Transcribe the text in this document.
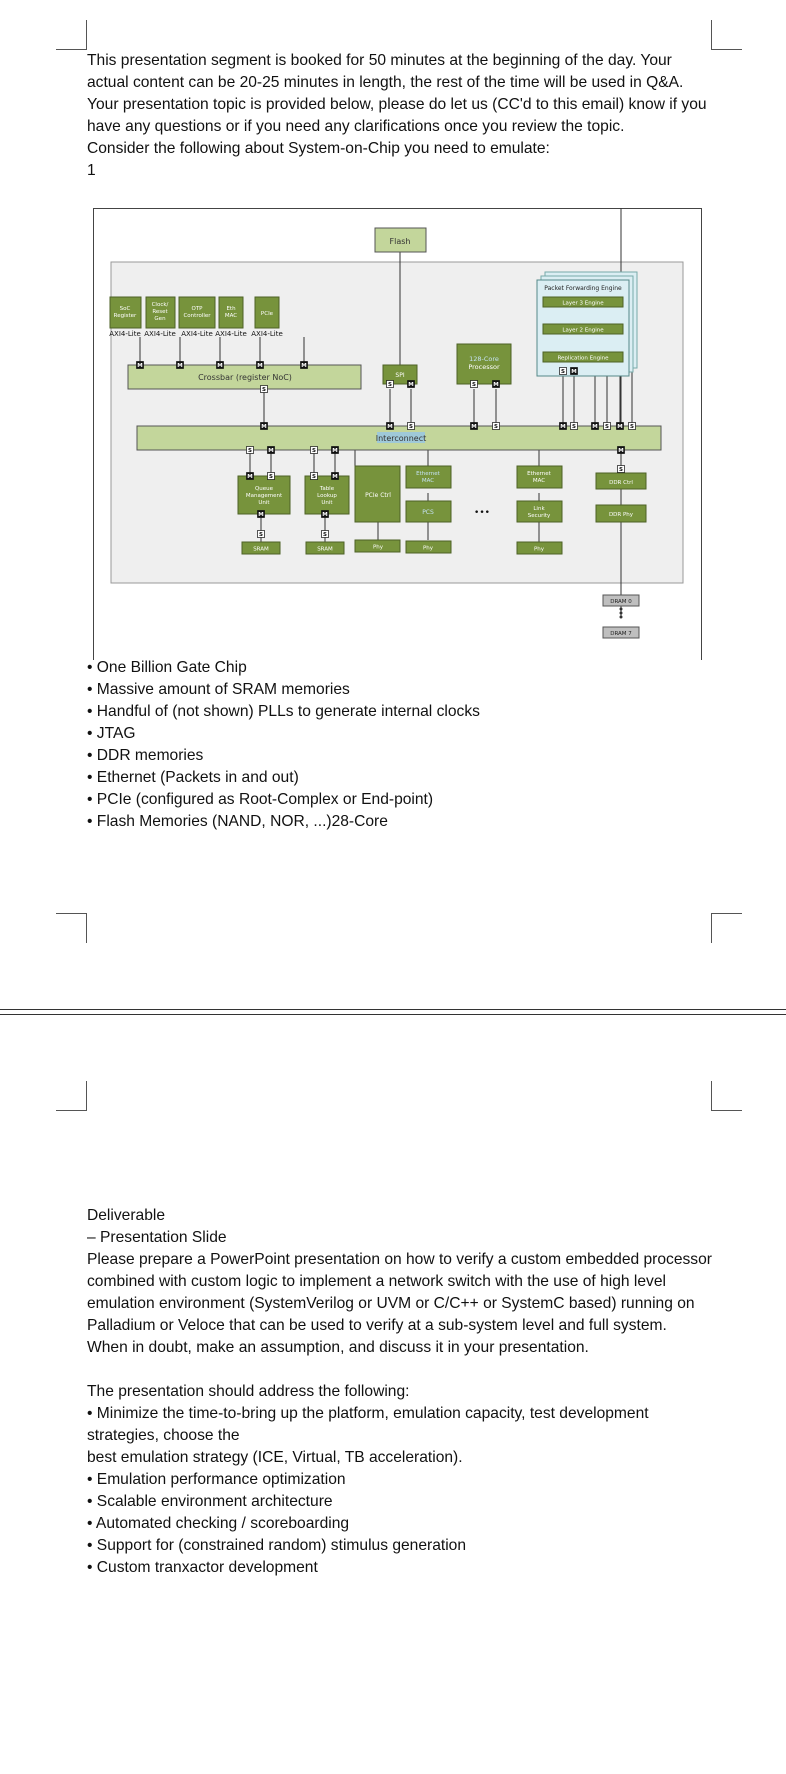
This presentation segment is booked for 50 minutes at the beginning of the day. Your actual content can be 20-25 minutes in length, the rest of the time will be used in Q&A. Your presentation topic is provided below, please do let us (CC'd to this email) know if you have any questions or if you need any clarifications once you review the topic.

Consider the following about System-on-Chip you need to emulate:

1

Flash
SoC Register
Clock/ Reset Gen
OTP Controller
Eth MAC	PCIe
AXI4-Lite AXI4-Lite AXI4-Lite AXI4-Lite AXI4-Lite
Crossbar (register NoC)	SPI
128-Core Processor
Packet Forwarding Engine
Layer 3 Engine
Layer 2 Engine
Replication Engine
Interconnect
Queue Management Unit
Table Lookup Unit
PCIe Ctrl
Ethernet MAC
PCS	•••
Ethernet MAC
Link Security
DDR Ctrl
DDR Phy
SRAM	SRAM	Phy	Phy	Phy
DRAM 0
DRAM 7
M	M	M	M	M
S
M
S	M	S	M
M	S	M	S
S M
M S	M S M S
S	M	S	M
M	S	S	M
M
S
M
S
M
S

• One Billion Gate Chip

• Massive amount of SRAM memories

• Handful of (not shown) PLLs to generate internal clocks

• JTAG

• DDR memories

• Ethernet (Packets in and out)

• PCIe (configured as Root-Complex or End-point)

• Flash Memories (NAND, NOR, ...)28-Core

Deliverable

– Presentation Slide

Please prepare a PowerPoint presentation on how to verify a custom embedded processor combined with custom logic to implement a network switch with the use of high level emulation environment (SystemVerilog or UVM or C/C++ or SystemC based) running on Palladium or Veloce that can be used to verify at a sub-system level and full system.

When in doubt, make an assumption, and discuss it in your presentation.

The presentation should address the following:

• Minimize the time-to-bring up the platform, emulation capacity, test development strategies, choose the

best emulation strategy (ICE, Virtual, TB acceleration).

• Emulation performance optimization

• Scalable environment architecture

• Automated checking / scoreboarding

• Support for (constrained random) stimulus generation

• Custom tranxactor development
